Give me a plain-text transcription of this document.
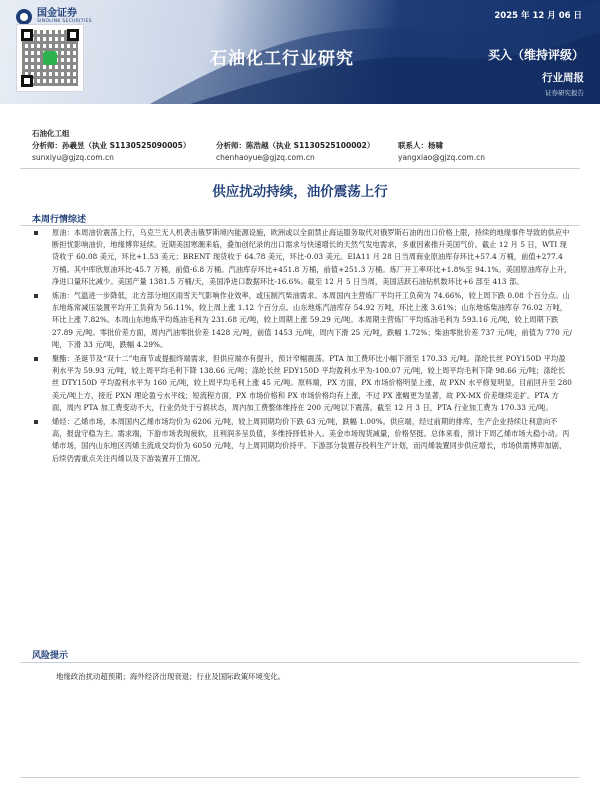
国金证券
SINOLINK SECURITIES
2025 年 12 月 06 日
石油化工行业研究	买入（维持评级）
行业周报
证券研究报告
石油化工组
分析师：孙羲昱（执业 S1130525090005）
sunxiyu@gjzq.com.cn
分析师：陈浩越（执业 S1130525100002）
chenhaoyue@gjzq.com.cn
联系人：杨啸
yangxiao@gjzq.com.cn
供应扰动持续，油价震荡上行
本周行情综述
原油：本周油价震荡上行，乌克兰无人机袭击俄罗斯境内能源设施，欧洲或以全面禁止海运服务取代对俄罗斯石油的出口价格上限，持续的地缘事件导致的供应中断担忧影响油价，地缘博弈延续。近期美国寒潮来临，叠加创纪录的出口需求与快速增长的天然气发电需求，多重因素推升美国气价。截止 12 月 5 日，WTI 现货收于 60.08 美元，环比+1.53 美元；BRENT 现货收于 64.78 美元，环比-0.03 美元。EIA11 月 28 日当周商业原油库存环比+57.4 万桶，前值+277.4 万桶。其中库欣原油环比-45.7 万桶，前值-6.8 万桶。汽油库存环比+451.8 万桶，前值+251.3 万桶。炼厂开工率环比+1.8%至 94.1%。美国原油库存上升，净进口量环比减少。美国产量 1381.5 万桶/天，美国净进口数据环比-16.6%。截至 12 月 5 日当周，美国活跃石油钻机数环比+6 部至 413 部。
炼油：气温进一步降低，北方部分地区雨雪天气影响作业效率，或压制汽柴油需求。本周国内主营炼厂平均开工负荷为 74.66%，较上周下跌 0.08 个百分点。山东地炼常减压装置平均开工负荷为 56.11%，较上周上涨 1.12 个百分点。山东地炼汽油库存 54.92 万吨，环比上涨 3.61%；山东地炼柴油库存 76.02 万吨，环比上涨 7.82%。本周山东地炼平均炼油毛利为 231.68 元/吨，较上周期上涨 59.29 元/吨。本周期主营炼厂平均炼油毛利为 593.16 元/吨，较上周期下跌 27.89 元/吨。零批价差方面，周内汽油零批价差 1428 元/吨，前值 1453 元/吨，周内下滑 25 元/吨，跌幅 1.72%；柴油零批价差 737 元/吨，前值为 770 元/吨，下滑 33 元/吨，跌幅 4.29%。
聚酯：圣诞节及“双十二”电商节或提振终端需求，但供应端亦有提升，预计窄幅震荡。PTA 加工费环比小幅下滑至 170.33 元/吨。涤纶长丝 POY150D 平均盈利水平为 59.93 元/吨，较上周平均毛利下降 138.66 元/吨；涤纶长丝 FDY150D 平均盈利水平为-100.07 元/吨，较上周平均毛利下降 98.66 元/吨；涤纶长丝 DTY150D 平均盈利水平为 160 元/吨，较上周平均毛利上涨 45 元/吨。原料端，PX 方面，PX 市场价格明显上涨，故 PXN 水平修复明显，目前回升至 280 美元/吨上方，接近 PXN 理论盈亏水平线；短流程方面，PX 市场价格和 PX 市场价格均有上涨，不过 PX 涨幅更为显著，故 PX-MX 价差继续走扩。PTA 方面，周内 PTA 加工费变动不大，行业仍处于亏损状态，周内加工费整体维持在 200 元/吨以下震荡。截至 12 月 3 日，PTA 行业加工费为 170.33 元/吨。
烯烃：乙烯市场，本周国内乙烯市场均价为 6206 元/吨，较上周同期均价下跌 63 元/吨，跌幅 1.00%。供应端，经过前期的排库，生产企业持续让利意向不高，报盘守稳为主。需求端，下游市场表现疲软，且利润多呈负值，多维持择低补入。美金市场现货减量，价格坚挺。总体来看，预计下周乙烯市场大稳小动。丙烯市场，国内山东地区丙烯主流成交均价为 6050 元/吨，与上周同期均价持平。下游部分装置存投料生产计划，而丙烯装置同步供应增长，市场供需博弈加剧，后续仍需重点关注丙烯以及下游装置开工情况。
风险提示
地缘政治扰动超预期；海外经济出现衰退；行业及国际政策环境变化。
